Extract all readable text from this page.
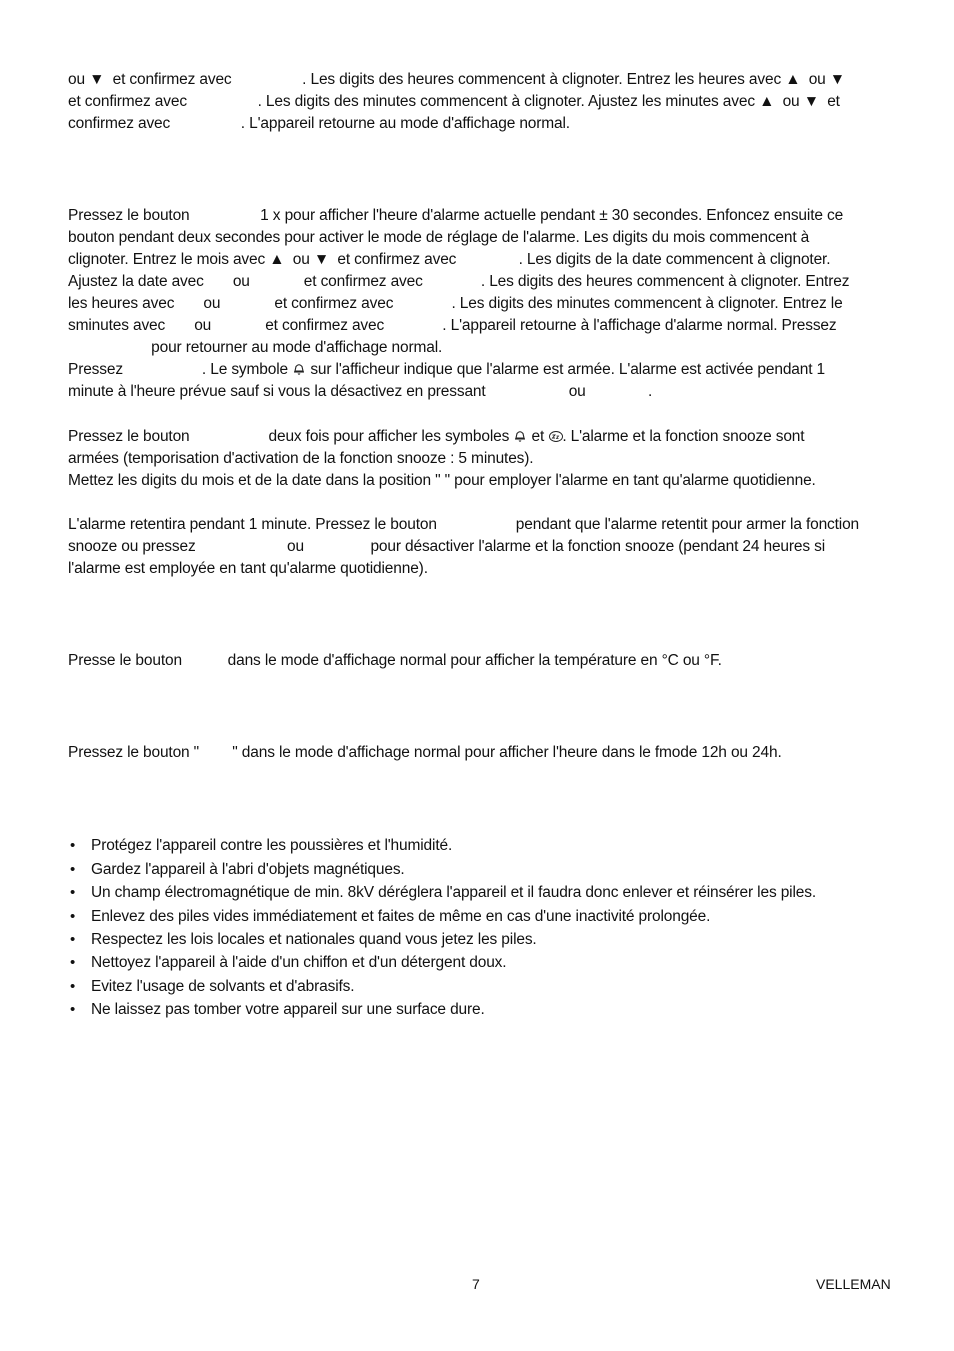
ou ▼  et confirmez avec                 . Les digits des heures commencent à clignoter. Entrez les heures avec ▲  ou ▼
et confirmez avec                 . Les digits des minutes commencent à clignoter. Ajustez les minutes avec ▲  ou ▼  et
confirmez avec                 . L'appareil retourne au mode d'affichage normal.
Pressez le bouton                 1 x pour afficher l'heure d'alarme actuelle pendant ± 30 secondes. Enfoncez ensuite ce
bouton pendant deux secondes pour activer le mode de réglage de l'alarme. Les digits du mois commencent à
clignoter. Entrez le mois avec ▲  ou ▼  et confirmez avec               . Les digits de la date commencent à clignoter.
Ajustez la date avec       ou             et confirmez avec              . Les digits des heures commencent à clignoter. Entrez
les heures avec       ou             et confirmez avec              . Les digits des minutes commencent à clignoter. Entrez le
sminutes avec       ou             et confirmez avec              . L'appareil retourne à l'affichage d'alarme normal. Pressez
pour retourner au mode d'affichage normal.
Pressez                   . Le symbole
sur l'afficheur indique que l'alarme est armée. L'alarme est activée pendant 1
minute à l'heure prévue sauf si vous la désactivez en pressant                    ou               .
Pressez le bouton                   deux fois pour afficher les symboles
et
. L'alarme et la fonction snooze sont
armées (temporisation d'activation de la fonction snooze : 5 minutes).
Mettez les digits du mois et de la date dans la position " " pour employer l'alarme en tant qu'alarme quotidienne.
L'alarme retentira pendant 1 minute. Pressez le bouton                   pendant que l'alarme retentit pour armer la fonction
snooze ou pressez                      ou                pour désactiver l'alarme et la fonction snooze (pendant 24 heures si
l'alarme est employée en tant qu'alarme quotidienne).
Presse le bouton           dans le mode d'affichage normal pour afficher la température en °C ou °F.
Pressez le bouton "        " dans le mode d'affichage normal pour afficher l'heure dans le fmode 12h ou 24h.
• Protégez l'appareil contre les poussières et l'humidité.
• Gardez l'appareil à l'abri d'objets magnétiques.
• Un champ électromagnétique de min. 8kV déréglera l'appareil et il faudra donc enlever et réinsérer les piles.
• Enlevez des piles vides immédiatement et faites de même en cas d'une inactivité prolongée.
• Respectez les lois locales et nationales quand vous jetez les piles.
• Nettoyez l'appareil à l'aide d'un chiffon et d'un détergent doux.
• Evitez l'usage de solvants et d'abrasifs.
• Ne laissez pas tomber votre appareil sur une surface dure.
7	VELLEMAN
